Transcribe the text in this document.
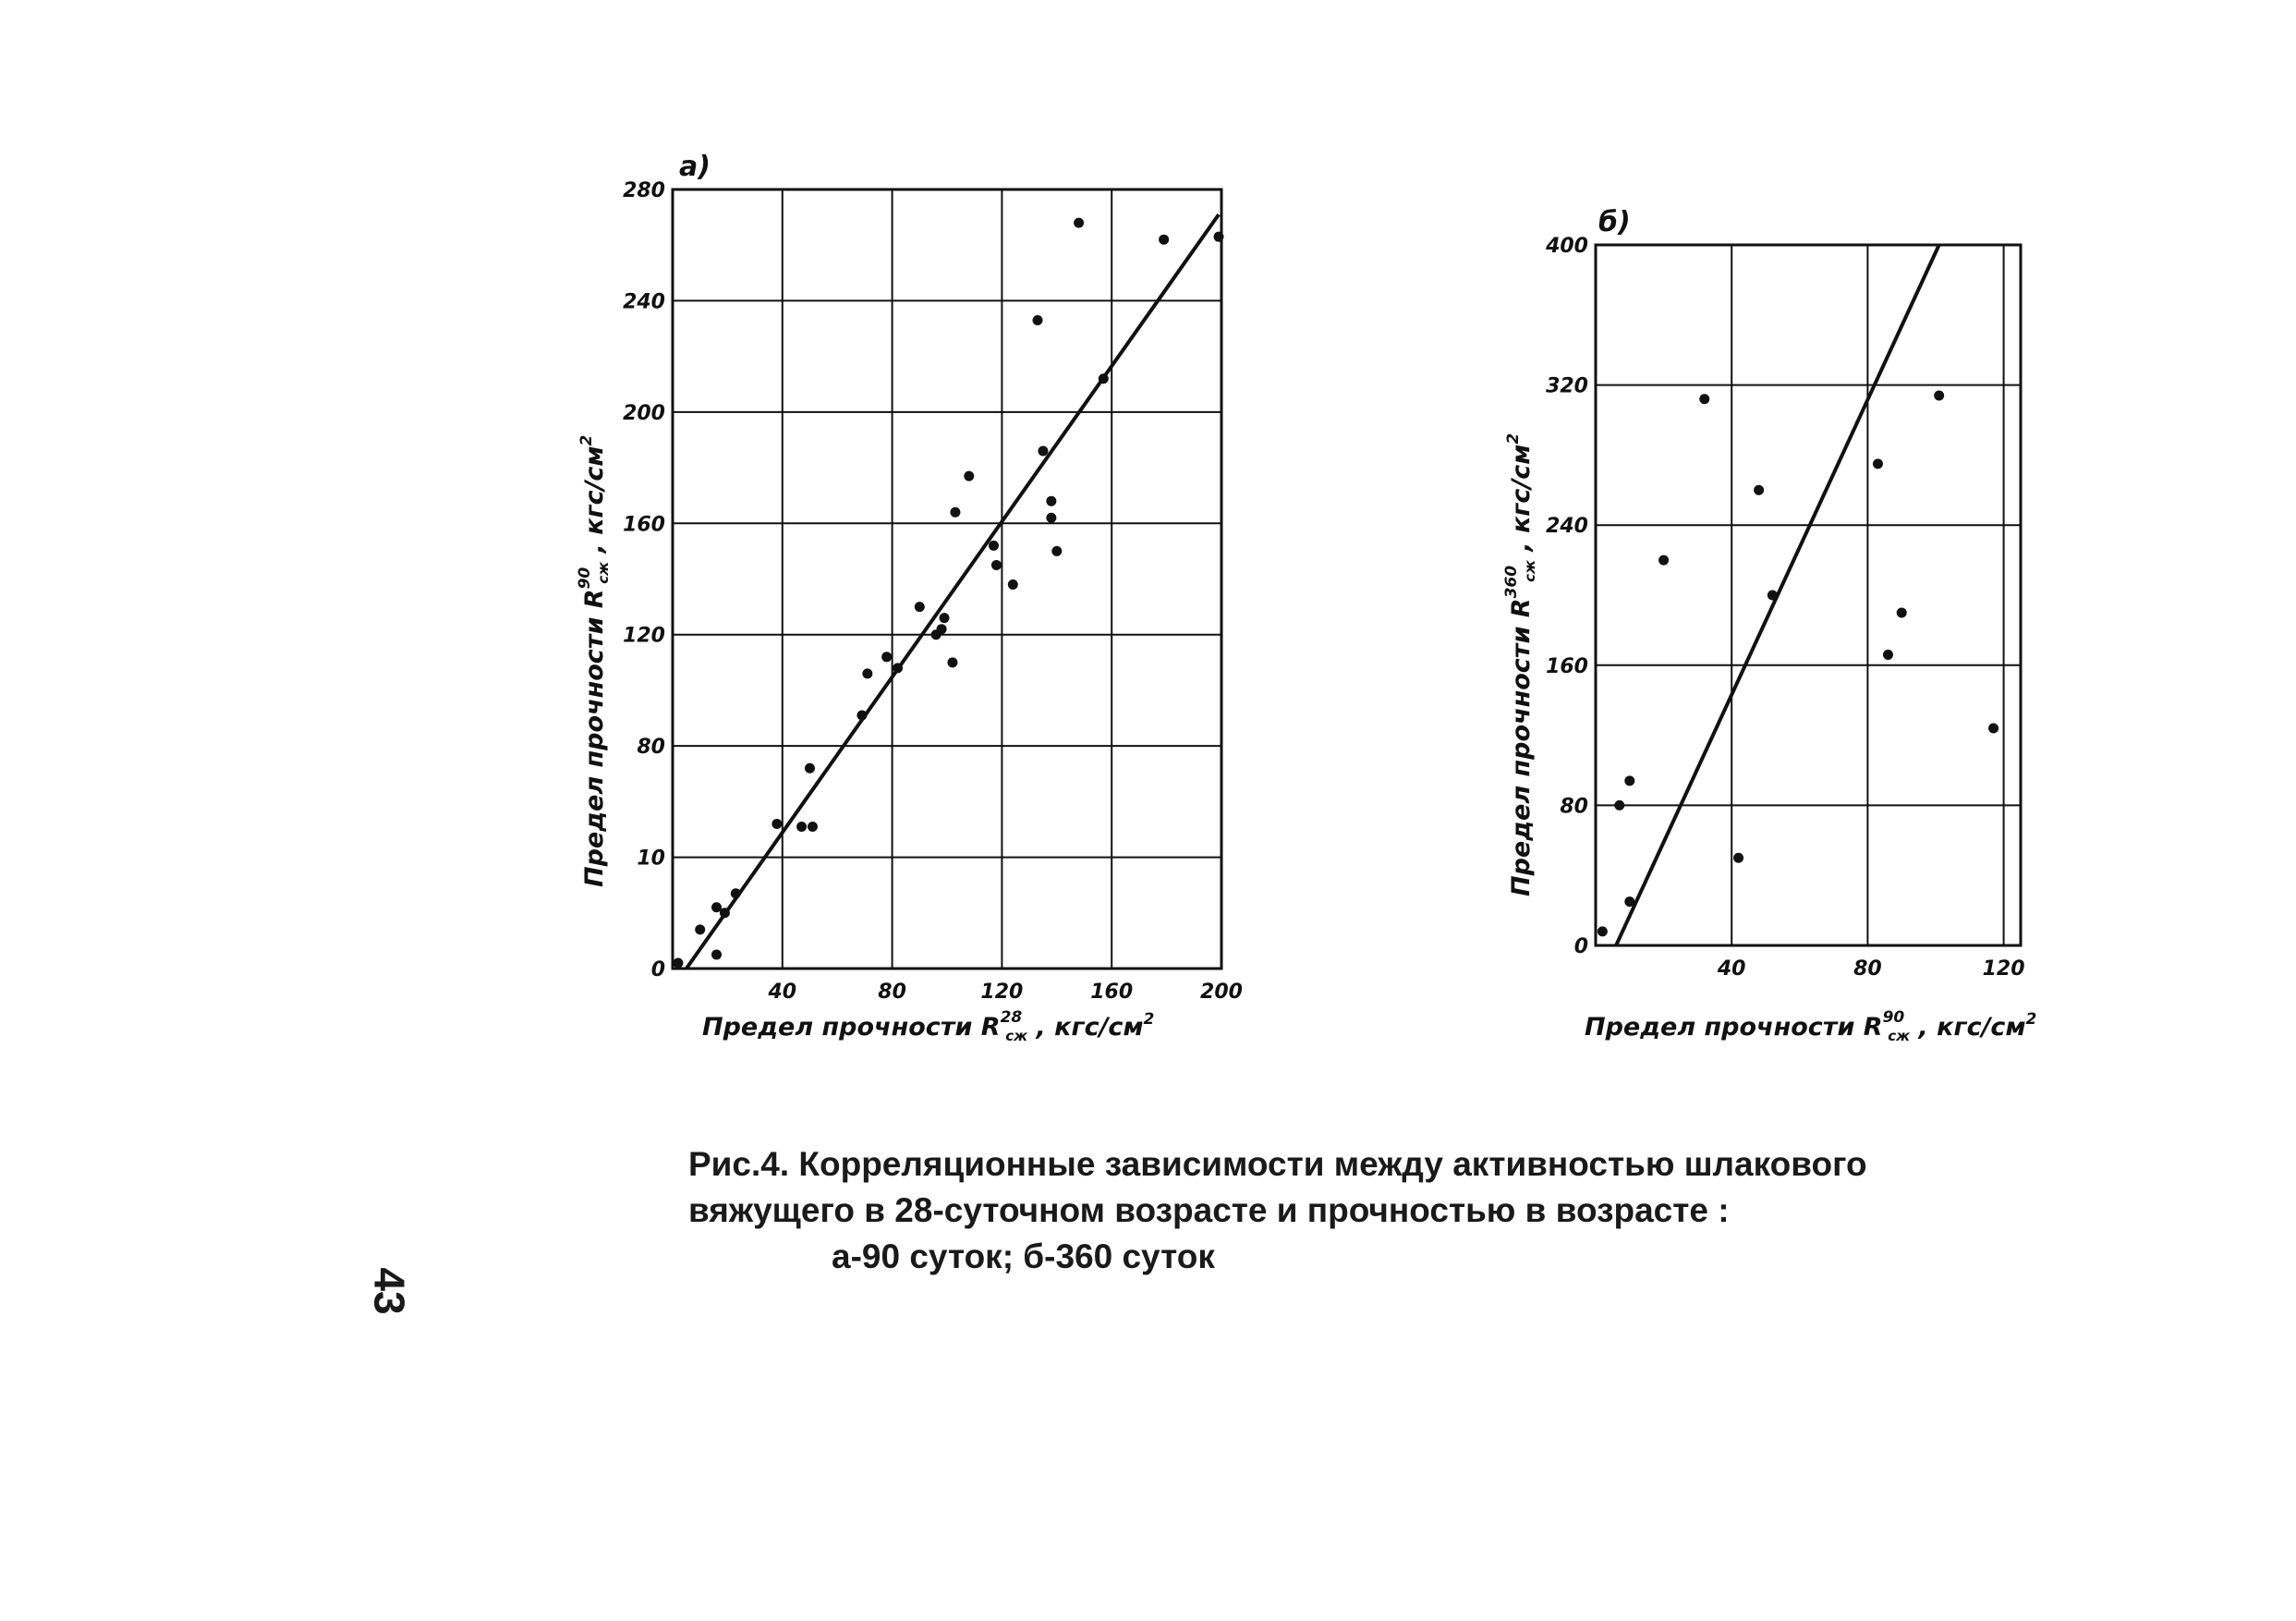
а)
40	80	120	160	200
0
10
80
120
160
200
240
280
Предел прочности $R^{28}$ сж , кгс/$см^2$
Предел прочности $R^{90}сж$ , кгс/$см^2$
б)
40	80	120
0
80
160
240
320
400
Предел прочности $R^{90}$ сж , кгс/$см^2$
Предел прочности $R^{360}сж$ , кгс/$см^2$
Рис.4. Корреляционные зависимости между активностью шлакового
вяжущего в 28-суточном возрасте и прочностью в возрасте :
а-90 суток; б-360 суток
43
